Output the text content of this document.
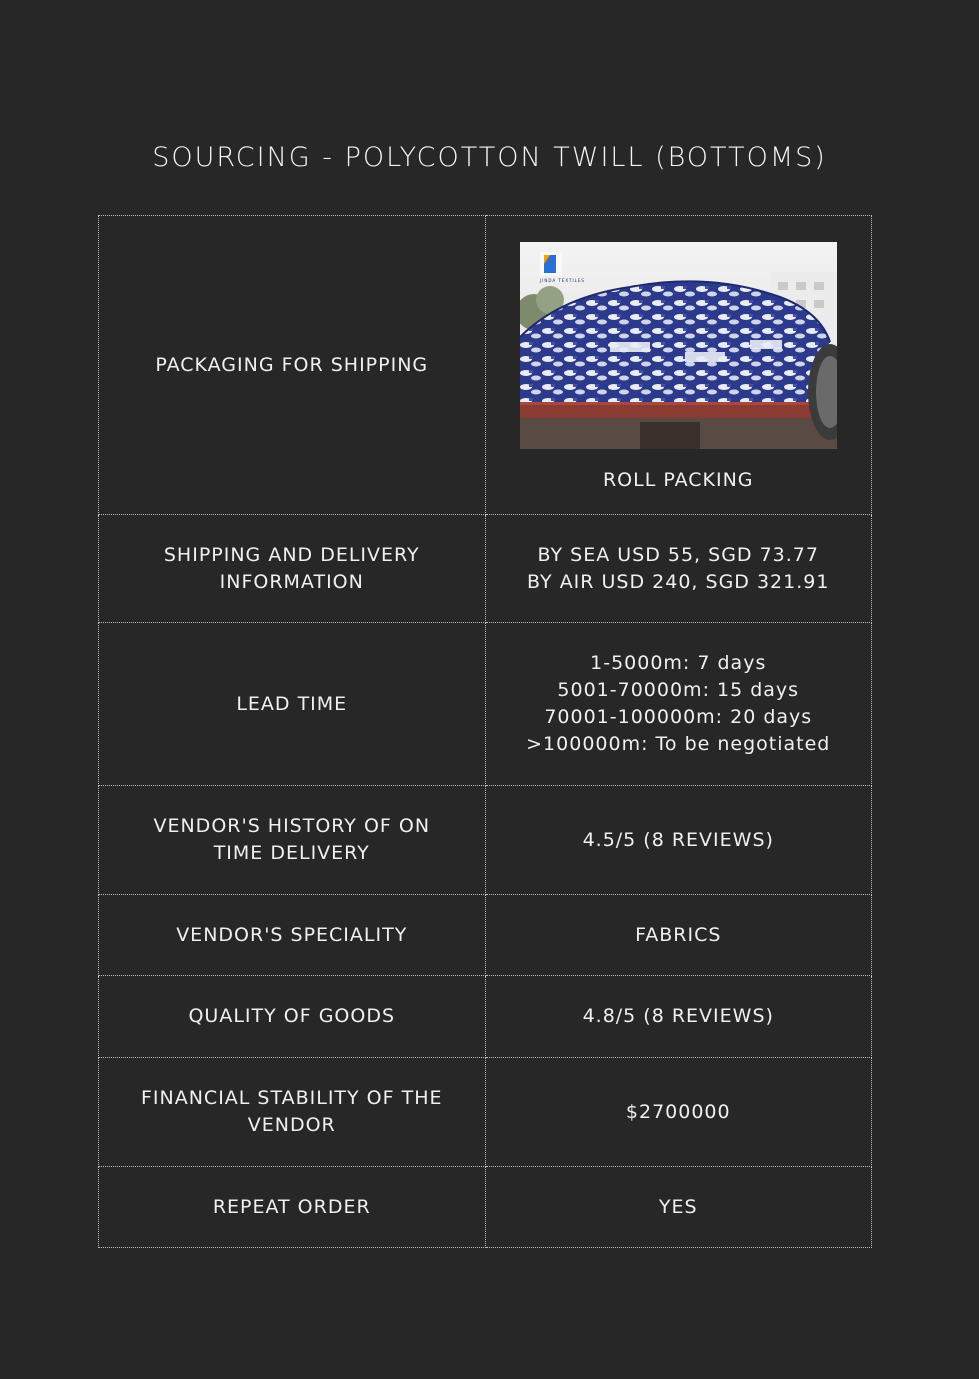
SOURCING - POLYCOTTON TWILL (BOTTOMS)
PACKAGING FOR SHIPPING	JINDA TEXTILES
ROLL PACKING

SHIPPING AND DELIVERY
INFORMATION	BY SEA USD 55, SGD 73.77
BY AIR USD 240, SGD 321.91
LEAD TIME	1-5000m: 7 days
5001-70000m: 15 days
70001-100000m: 20 days
>100000m: To be negotiated
VENDOR'S HISTORY OF ON
TIME DELIVERY	4.5/5 (8 REVIEWS)
VENDOR'S SPECIALITY	FABRICS
QUALITY OF GOODS	4.8/5 (8 REVIEWS)
FINANCIAL STABILITY OF THE
VENDOR	$2700000
REPEAT ORDER	YES
